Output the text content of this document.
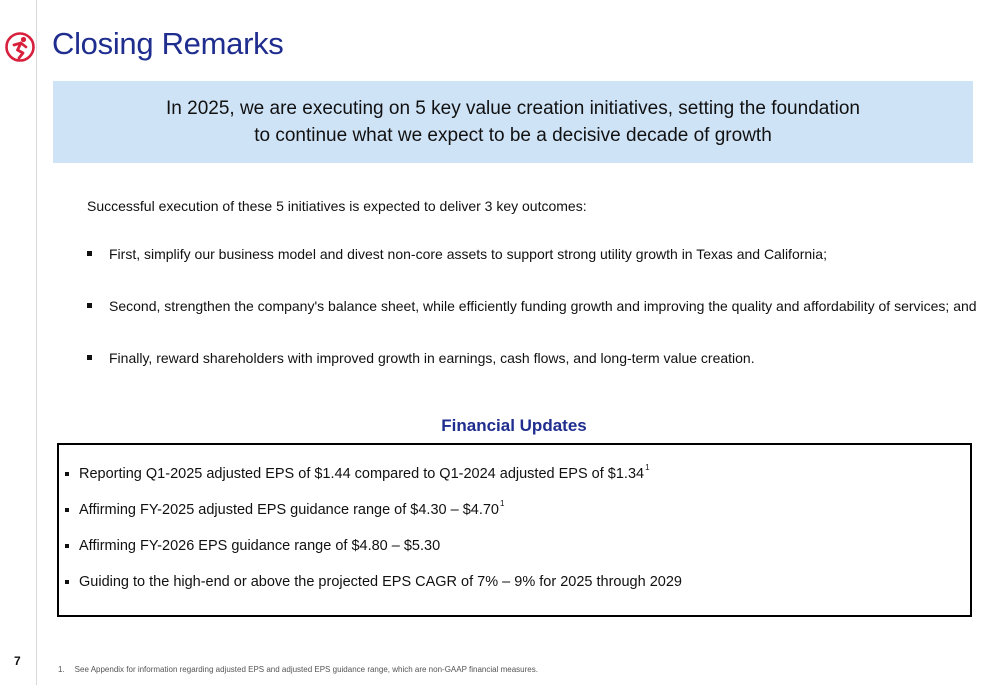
Closing Remarks
In 2025, we are executing on 5 key value creation initiatives, setting the foundation
to continue what we expect to be a decisive decade of growth
Successful execution of these 5 initiatives is expected to deliver 3 key outcomes:
First, simplify our business model and divest non-core assets to support strong utility growth in Texas and California;
Second, strengthen the company's balance sheet, while efficiently funding growth and improving the quality and affordability of services; and
Finally, reward shareholders with improved growth in earnings, cash flows, and long-term value creation.
Financial Updates
Reporting Q1-2025 adjusted EPS of $1.44 compared to Q1-2024 adjusted EPS of $1.34$^1$
Affirming FY-2025 adjusted EPS guidance range of $4.30 – $4.70$^1$
Affirming FY-2026 EPS guidance range of $4.80 – $5.30
Guiding to the high-end or above the projected EPS CAGR of 7% – 9% for 2025 through 2029
7
1. See Appendix for information regarding adjusted EPS and adjusted EPS guidance range, which are non-GAAP financial measures.
